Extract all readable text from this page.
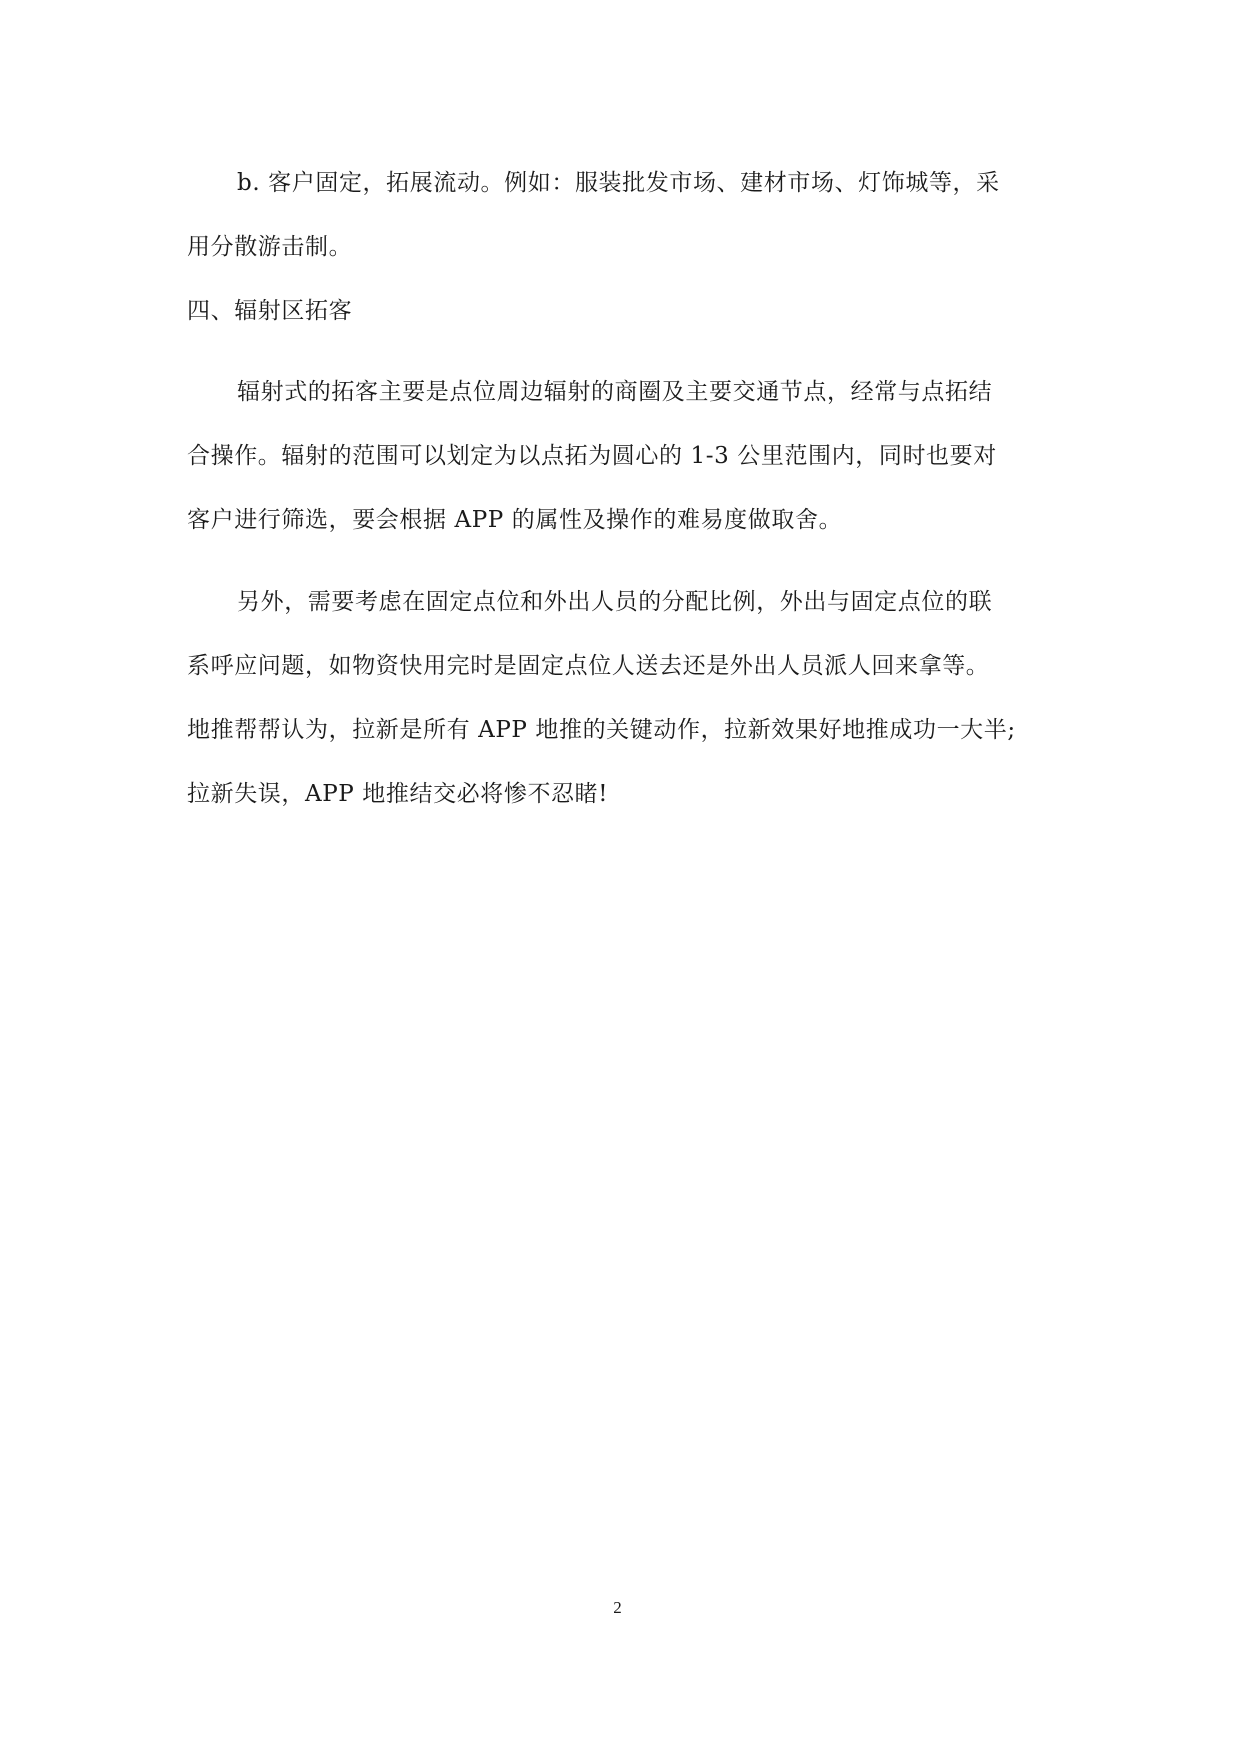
b. 客户固定，拓展流动。例如：服装批发市场、建材市场、灯饰城等，采
用分散游击制。
四、辐射区拓客
辐射式的拓客主要是点位周边辐射的商圈及主要交通节点，经常与点拓结
合操作。辐射的范围可以划定为以点拓为圆心的 1-3 公里范围内，同时也要对
客户进行筛选，要会根据 APP 的属性及操作的难易度做取舍。
另外，需要考虑在固定点位和外出人员的分配比例，外出与固定点位的联
系呼应问题，如物资快用完时是固定点位人送去还是外出人员派人回来拿等。
地推帮帮认为，拉新是所有 APP 地推的关键动作，拉新效果好地推成功一大半;
拉新失误，APP 地推结交必将惨不忍睹!
2
